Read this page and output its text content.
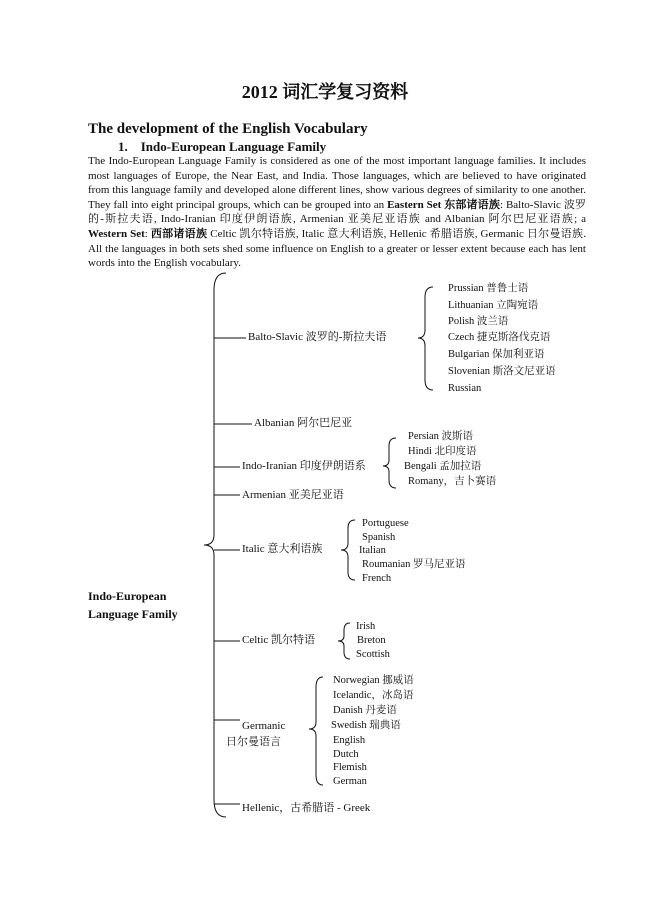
2012 词汇学复习资料
The development of the English Vocabulary
1. Indo-European Language Family
The Indo-European Language Family is considered as one of the most important language families. It includes most languages of Europe, the Near East, and India. Those languages, which are believed to have originated from this language family and developed alone different lines, show various degrees of similarity to one another. They fall into eight principal groups, which can be grouped into an Eastern Set 东部诸语族: Balto-Slavic 波罗的-斯拉夫语, Indo-Iranian 印度伊朗语族, Armenian 亚美尼亚语族 and Albanian 阿尔巴尼亚语族; a Western Set: 西部诸语族 Celtic 凯尔特语族, Italic 意大利语族, Hellenic 希腊语族, Germanic 日尔曼语族. All the languages in both sets shed some influence on English to a greater or lesser extent because each has lent words into the English vocabulary.
Indo-European
Language Family
Balto-Slavic 波罗的-斯拉夫语
Albanian 阿尔巴尼亚
Indo-Iranian 印度伊朗语系
Armenian 亚美尼亚语
Italic 意大利语族
Celtic 凯尔特语
Germanic
日尔曼语言
Hellenic，古希腊语 - Greek
Prussian 普鲁士语
Lithuanian 立陶宛语
Polish 波兰语
Czech 捷克斯洛伐克语
Bulgarian 保加利亚语
Slovenian 斯洛文尼亚语
Russian
Persian 波斯语
Hindi 北印度语
Bengali 孟加拉语
Romany，吉卜赛语
Portuguese
Spanish
Italian
Roumanian 罗马尼亚语
French
Irish
Breton
Scottish
Norwegian 挪威语
Icelandic，冰岛语
Danish 丹麦语
Swedish 瑞典语
English
Dutch
Flemish
German
